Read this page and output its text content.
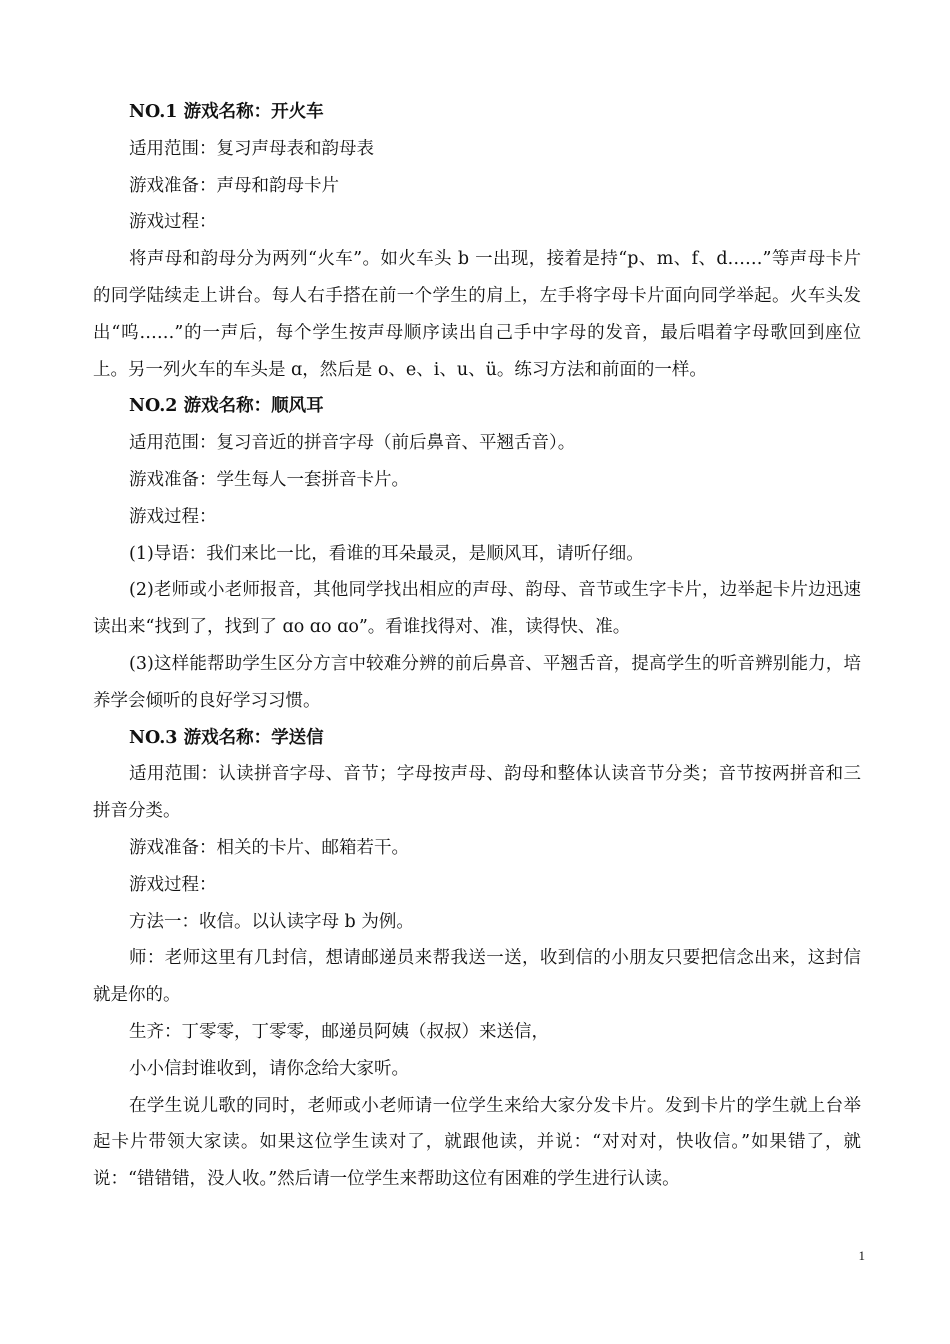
NO.1 游戏名称：开火车

适用范围：复习声母表和韵母表

游戏准备：声母和韵母卡片

游戏过程：

将声母和韵母分为两列“火车”。如火车头 b 一出现，接着是持“p、m、f、d……”等声母卡片的同学陆续走上讲台。每人右手搭在前一个学生的肩上，左手将字母卡片面向同学举起。火车头发出“呜……”的一声后，每个学生按声母顺序读出自己手中字母的发音，最后唱着字母歌回到座位上。另一列火车的车头是 ɑ，然后是 o、e、i、u、ü。练习方法和前面的一样。

NO.2 游戏名称：顺风耳

适用范围：复习音近的拼音字母（前后鼻音、平翘舌音）。

游戏准备：学生每人一套拼音卡片。

游戏过程：

(1)导语：我们来比一比，看谁的耳朵最灵，是顺风耳，请听仔细。

(2)老师或小老师报音，其他同学找出相应的声母、韵母、音节或生字卡片，边举起卡片边迅速读出来“找到了，找到了 ɑo ɑo ɑo”。看谁找得对、准，读得快、准。

(3)这样能帮助学生区分方言中较难分辨的前后鼻音、平翘舌音，提高学生的听音辨别能力，培养学会倾听的良好学习习惯。

NO.3 游戏名称：学送信

适用范围：认读拼音字母、音节；字母按声母、韵母和整体认读音节分类；音节按两拼音和三拼音分类。

游戏准备：相关的卡片、邮箱若干。

游戏过程：

方法一：收信。以认读字母 b 为例。

师：老师这里有几封信，想请邮递员来帮我送一送，收到信的小朋友只要把信念出来，这封信就是你的。

生齐：丁零零，丁零零，邮递员阿姨（叔叔）来送信，

小小信封谁收到，请你念给大家听。

在学生说儿歌的同时，老师或小老师请一位学生来给大家分发卡片。发到卡片的学生就上台举起卡片带领大家读。如果这位学生读对了，就跟他读，并说：“对对对，快收信。”如果错了，就说：“错错错，没人收。”然后请一位学生来帮助这位有困难的学生进行认读。

1
